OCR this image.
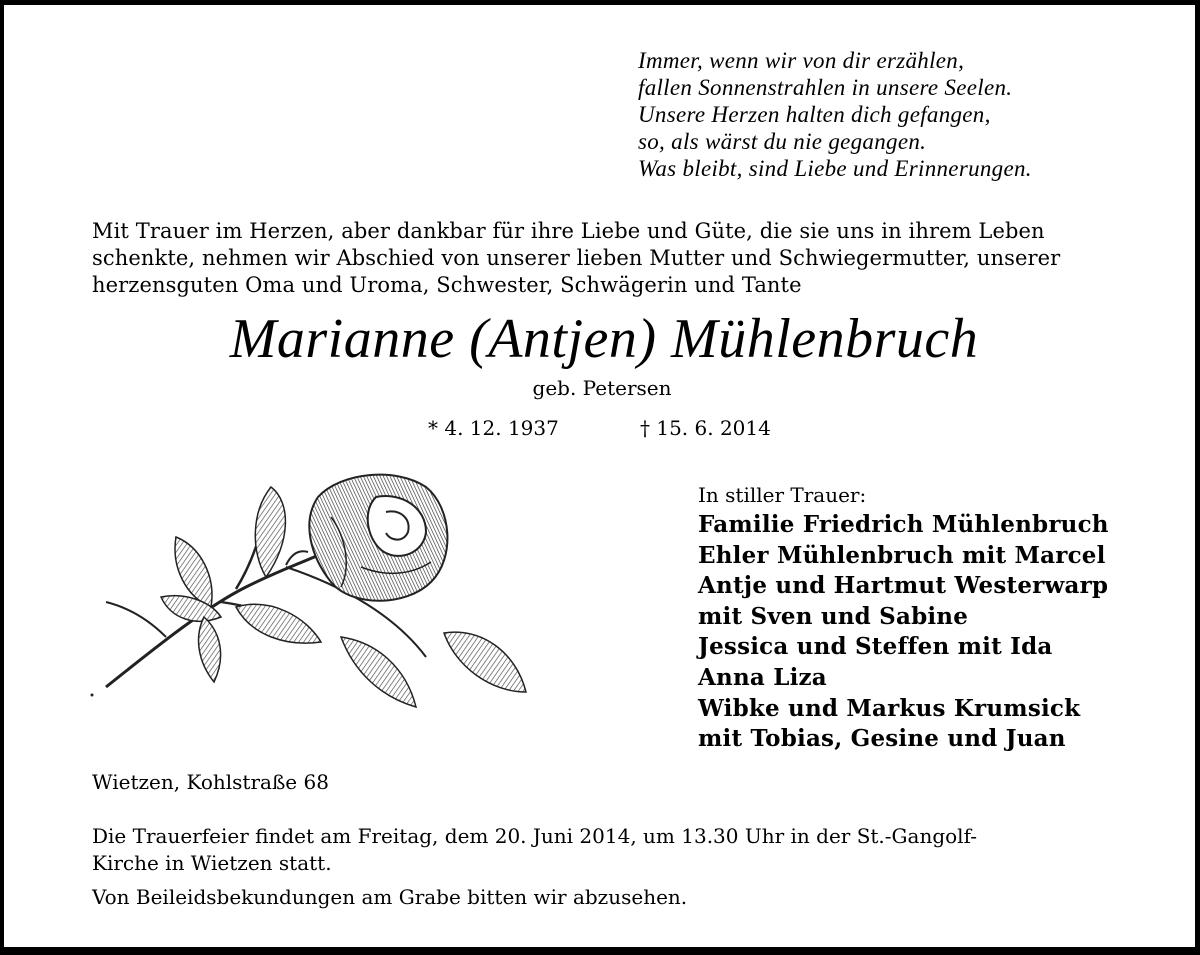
Immer, wenn wir von dir erzählen,
fallen Sonnenstrahlen in unsere Seelen.
Unsere Herzen halten dich gefangen,
so, als wärst du nie gegangen.
Was bleibt, sind Liebe und Erinnerungen.
Mit Trauer im Herzen, aber dankbar für ihre Liebe und Güte, die sie uns in ihrem Leben
schenkte, nehmen wir Abschied von unserer lieben Mutter und Schwiegermutter, unserer
herzensguten Oma und Uroma, Schwester, Schwägerin und Tante
Marianne (Antjen) Mühlenbruch
geb. Petersen
* 4. 12. 1937	† 15. 6. 2014
In stiller Trauer:
Familie Friedrich Mühlenbruch
Ehler Mühlenbruch mit Marcel
Antje und Hartmut Westerwarp
mit Sven und Sabine
Jessica und Steffen mit Ida
Anna Liza
Wibke und Markus Krumsick
mit Tobias, Gesine und Juan
Wietzen, Kohlstraße 68
Die Trauerfeier findet am Freitag, dem 20. Juni 2014, um 13.30 Uhr in der St.-Gangolf-
Kirche in Wietzen statt.
Von Beileidsbekundungen am Grabe bitten wir abzusehen.
